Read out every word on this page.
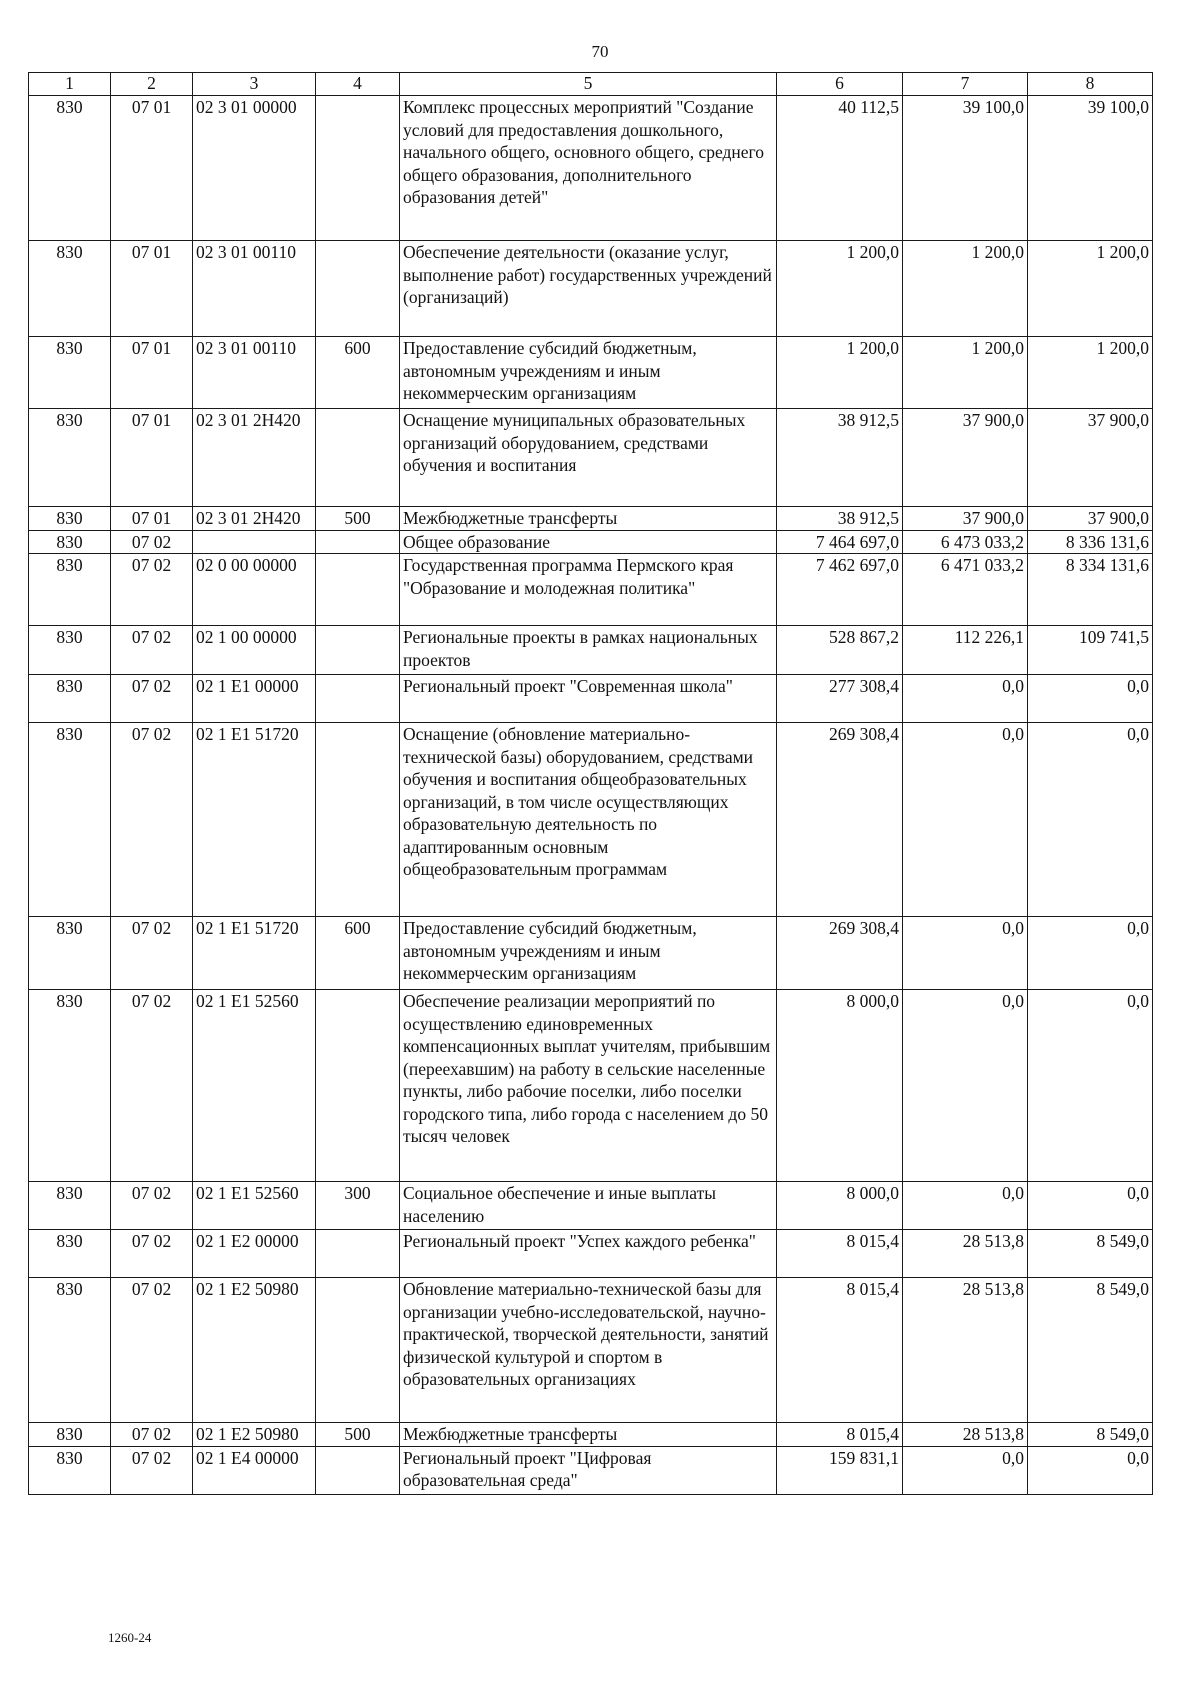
70
1	2	3	4	5	6	7	8
830	07 01	02 3 01 00000		Комплекс процессных мероприятий "Создание условий для предоставления дошкольного, начального общего, основного общего, среднего общего образования, дополнительного образования детей"	40 112,5	39 100,0	39 100,0
830	07 01	02 3 01 00110		Обеспечение деятельности (оказание услуг, выполнение работ) государственных учреждений (организаций)	1 200,0	1 200,0	1 200,0
830	07 01	02 3 01 00110	600	Предоставление субсидий бюджетным, автономным учреждениям и иным некоммерческим организациям	1 200,0	1 200,0	1 200,0
830	07 01	02 3 01 2Н420		Оснащение муниципальных образовательных организаций оборудованием, средствами обучения и воспитания	38 912,5	37 900,0	37 900,0
830	07 01	02 3 01 2Н420	500	Межбюджетные трансферты	38 912,5	37 900,0	37 900,0
830	07 02			Общее образование	7 464 697,0	6 473 033,2	8 336 131,6
830	07 02	02 0 00 00000		Государственная программа Пермского края "Образование и молодежная политика"	7 462 697,0	6 471 033,2	8 334 131,6
830	07 02	02 1 00 00000		Региональные проекты в рамках национальных проектов	528 867,2	112 226,1	109 741,5
830	07 02	02 1 Е1 00000		Региональный проект "Современная школа"	277 308,4	0,0	0,0
830	07 02	02 1 Е1 51720		Оснащение (обновление материально-технической базы) оборудованием, средствами обучения и воспитания общеобразовательных организаций, в том числе осуществляющих образовательную деятельность по адаптированным основным общеобразовательным программам	269 308,4	0,0	0,0
830	07 02	02 1 Е1 51720	600	Предоставление субсидий бюджетным, автономным учреждениям и иным некоммерческим организациям	269 308,4	0,0	0,0
830	07 02	02 1 Е1 52560		Обеспечение реализации мероприятий по осуществлению единовременных компенсационных выплат учителям, прибывшим (переехавшим) на работу в сельские населенные пункты, либо рабочие поселки, либо поселки городского типа, либо города с населением до 50 тысяч человек	8 000,0	0,0	0,0
830	07 02	02 1 Е1 52560	300	Социальное обеспечение и иные выплаты населению	8 000,0	0,0	0,0
830	07 02	02 1 Е2 00000		Региональный проект "Успех каждого ребенка"	8 015,4	28 513,8	8 549,0
830	07 02	02 1 Е2 50980		Обновление материально-технической базы для организации учебно-исследовательской, научно-практической, творческой деятельности, занятий физической культурой и спортом в образовательных организациях	8 015,4	28 513,8	8 549,0
830	07 02	02 1 Е2 50980	500	Межбюджетные трансферты	8 015,4	28 513,8	8 549,0
830	07 02	02 1 Е4 00000		Региональный проект "Цифровая образовательная среда"	159 831,1	0,0	0,0
1260-24
